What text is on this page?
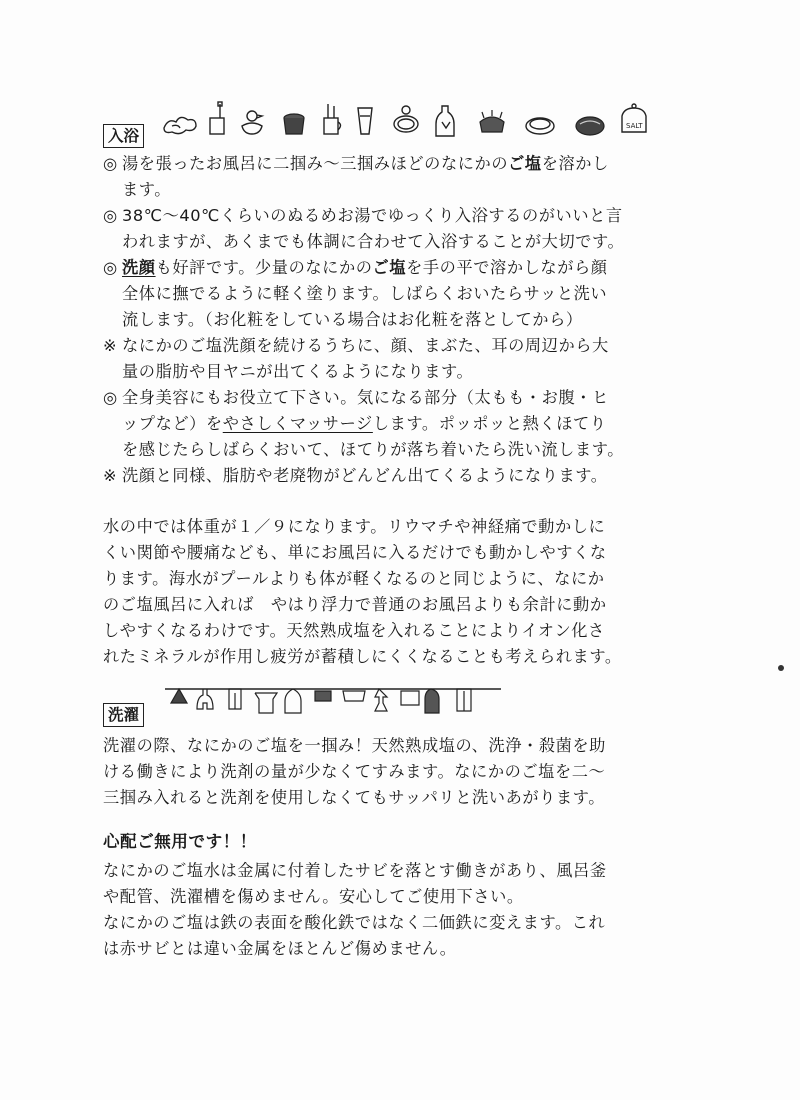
SALT
入浴
◎ 湯を張ったお風呂に二掴み～三掴みほどのなにかのご塩を溶かし

ます。

◎ 38℃～40℃くらいのぬるめお湯でゆっくり入浴するのがいいと言

われますが、あくまでも体調に合わせて入浴することが大切です。

◎ 洗顔も好評です。少量のなにかのご塩を手の平で溶かしながら顔

全体に撫でるように軽く塗ります。しばらくおいたらサッと洗い

流します。（お化粧をしている場合はお化粧を落としてから）

※ なにかのご塩洗顔を続けるうちに、顔、まぶた、耳の周辺から大

量の脂肪や目ヤニが出てくるようになります。

◎ 全身美容にもお役立て下さい。気になる部分（太もも・お腹・ヒ

ップなど）をやさしくマッサージします。ポッポッと熱くほてり

を感じたらしばらくおいて、ほてりが落ち着いたら洗い流します。

※ 洗顔と同様、脂肪や老廃物がどんどん出てくるようになります。

水の中では体重が１／９になります。リウマチや神経痛で動かしに

くい関節や腰痛なども、単にお風呂に入るだけでも動かしやすくな

ります。海水がプールよりも体が軽くなるのと同じように、なにか

のご塩風呂に入れば　やはり浮力で普通のお風呂よりも余計に動か

しやすくなるわけです。天然熟成塩を入れることによりイオン化さ

れたミネラルが作用し疲労が蓄積しにくくなることも考えられます。

洗濯

洗濯の際、なにかのご塩を一掴み！天然熟成塩の、洗浄・殺菌を助

ける働きにより洗剤の量が少なくてすみます。なにかのご塩を二～

三掴み入れると洗剤を使用しなくてもサッパリと洗いあがります。

心配ご無用です！！

なにかのご塩水は金属に付着したサビを落とす働きがあり、風呂釜

や配管、洗濯槽を傷めません。安心してご使用下さい。

なにかのご塩は鉄の表面を酸化鉄ではなく二価鉄に変えます。これ

は赤サビとは違い金属をほとんど傷めません。
